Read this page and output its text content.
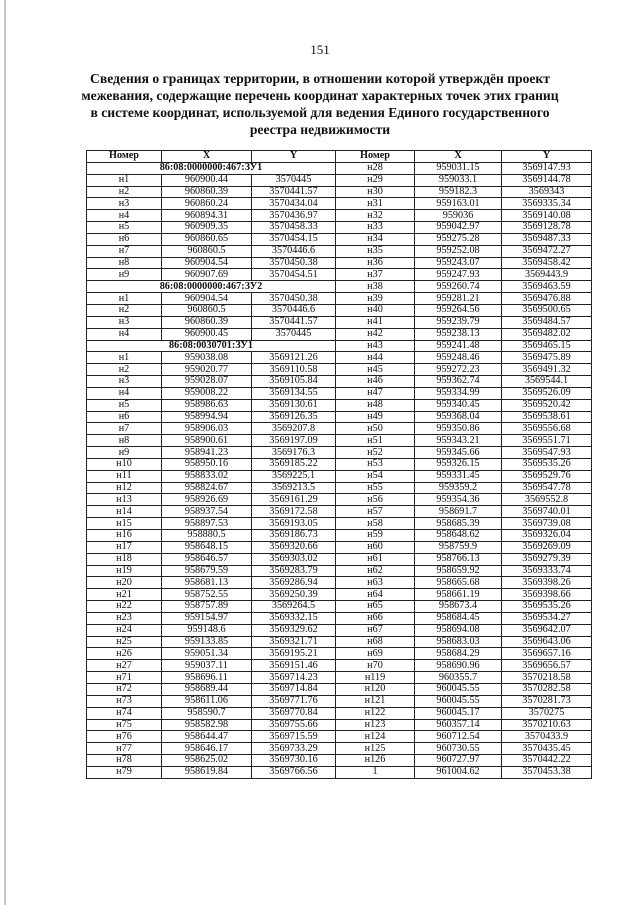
151
Сведения о границах территории, в отношении которой утверждён проект межевания, содержащие перечень координат характерных точек этих границ в системе координат, используемой для ведения Единого государственного реестра недвижимости
Номер	X	Y	Номер	X	Y
86:08:0000000:467:ЗУ1			н28	959031.15	3569147.93
н1	960900.44	3570445	н29	959033.1	3569144.78
н2	960860.39	3570441.57	н30	959182.3	3569343
н3	960860.24	3570434.04	н31	959163.01	3569335.34
н4	960894.31	3570436.97	н32	959036	3569140.08
н5	960909.35	3570458.33	н33	959042.97	3569128.78
н6	960860.65	3570454.15	н34	959275.28	3569487.33
н7	960860.5	3570446.6	н35	959252.08	3569472.27
н8	960904.54	3570450.38	н36	959243.07	3569458.42
н9	960907.69	3570454.51	н37	959247.93	3569443.9
86:08:0000000:467:ЗУ2			н38	959260.74	3569463.59
н1	960904.54	3570450.38	н39	959281.21	3569476.88
н2	960860.5	3570446.6	н40	959264.56	3569500.65
н3	960860.39	3570441.57	н41	959239.79	3569484.57
н4	960900.45	3570445	н42	959238.13	3569482.02
86:08:0030701:ЗУ1			н43	959241.48	3569465.15
н1	959038.08	3569121.26	н44	959248.46	3569475.89
н2	959020.77	3569110.58	н45	959272.23	3569491.32
н3	959028.07	3569105.84	н46	959362.74	3569544.1
н4	959008.22	3569134.55	н47	959334.99	3569526.09
н5	958986.63	3569130.61	н48	959340.45	3569520.42
н6	958994.94	3569126.35	н49	959368.04	3569538.61
н7	958906.03	3569207.8	н50	959350.86	3569556.68
н8	958900.61	3569197.09	н51	959343.21	3569551.71
н9	958941.23	3569176.3	н52	959345.66	3569547.93
н10	958950.16	3569185.22	н53	959326.15	3569535.26
н11	958833.02	3569225.1	н54	959331.45	3569529.76
н12	958824.67	3569213.5	н55	959359.2	3569547.78
н13	958926.69	3569161.29	н56	959354.36	3569552.8
н14	958937.54	3569172.58	н57	958691.7	3569740.01
н15	958897.53	3569193.05	н58	958685.39	3569739.08
н16	958880.5	3569186.73	н59	958648.62	3569326.04
н17	958648.15	3569320.66	н60	958759.9	3569269.09
н18	958646.57	3569303.02	н61	958766.13	3569279.39
н19	958679.59	3569283.79	н62	958659.92	3569333.74
н20	958681.13	3569286.94	н63	958665.68	3569398.26
н21	958752.55	3569250.39	н64	958661.19	3569398.66
н22	958757.89	3569264.5	н65	958673.4	3569535.26
н23	959154.97	3569332.15	н66	958684.45	3569534.27
н24	959148.6	3569329.62	н67	958694.08	3569642.07
н25	959133.85	3569321.71	н68	958683.03	3569643.06
н26	959051.34	3569195.21	н69	958684.29	3569657.16
н27	959037.11	3569151.46	н70	958690.96	3569656.57
н71	958696.11	3569714.23	н119	960355.7	3570218.58
н72	958689.44	3569714.84	н120	960045.55	3570282.58
н73	958611.06	3569771.76	н121	960045.55	3570281.73
н74	958590.7	3569770.84	н122	960045.17	3570275
н75	958582.98	3569755.66	н123	960357.14	3570210.63
н76	958644.47	3569715.59	н124	960712.54	3570433.9
н77	958646.17	3569733.29	н125	960730.55	3570435.45
н78	958625.02	3569730.16	н126	960727.97	3570442.22
н79	958619.84	3569766.56	1	961004.62	3570453.38
